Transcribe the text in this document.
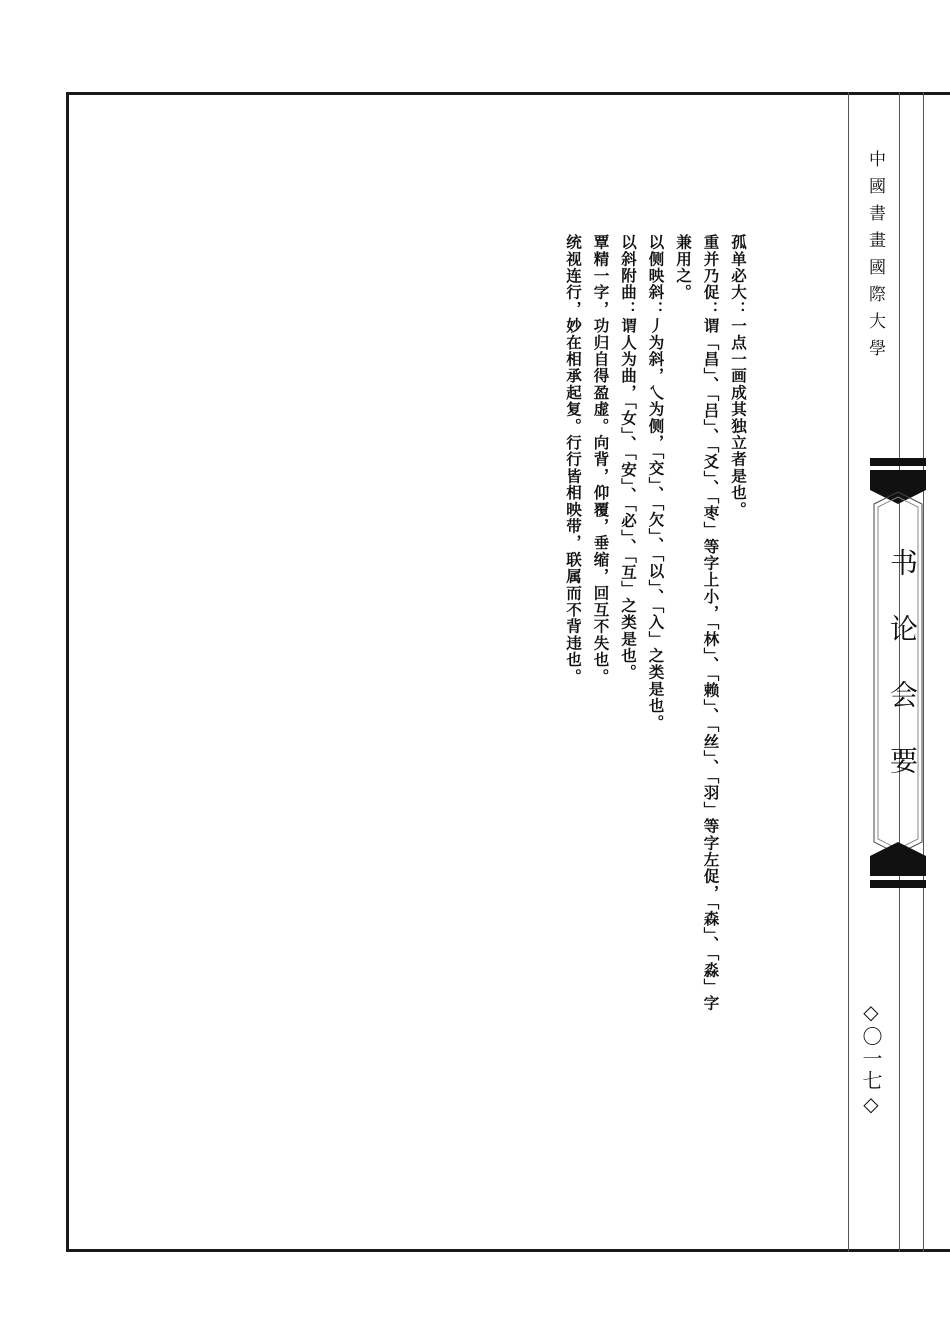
孤单必大：一点一画成其独立者是也。

重并乃促：谓「昌」、「吕」、「爻」、「枣」等字上小，「林」、「赖」、「丝」、「羽」等字左促，「森」、「淼」字

兼用之。

以侧映斜：丿为斜，乀为侧，「交」、「欠」、「以」、「入」之类是也。

以斜附曲：谓人为曲，「女」、「安」、「必」、「互」之类是也。

覃精一字，功归自得盈虚。向背，仰覆，垂缩，回互不失也。

统视连行，妙在相承起复。行行皆相映带，联属而不背违也。	中國書畫國際大學
书论会要
◇〇一七◇
